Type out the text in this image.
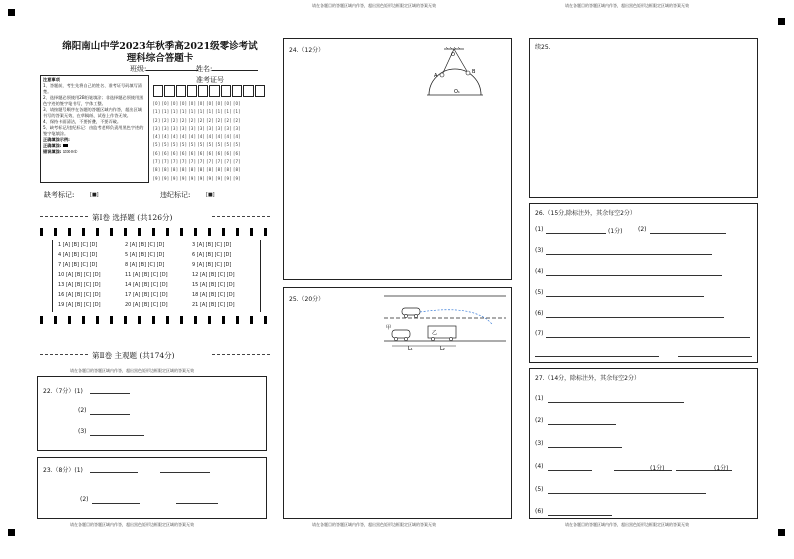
请在各题目的答题区域内作答，超出黑色矩形边框限定区域的答案无效	请在各题目的答题区域内作答，超出黑色矩形边框限定区域的答案无效
请在各题目的答题区域内作答，超出黑色矩形边框限定区域的答案无效	请在各题目的答题区域内作答，超出黑色矩形边框限定区域的答案无效	请在各题目的答题区域内作答，超出黑色矩形边框限定区域的答案无效
绵阳南山中学2023年秋季高2021级零诊考试
理科综合答题卡
班级:	姓名:
注意事项
1、答题前，考生先将自己的姓名、准考证号码填写清楚。
2、选择题必须使用2B铅笔填涂；非选择题必须使用黑色字迹的签字笔书写，字体工整。
3、请按题号顺序在各题的答题区域内作答，超出区域书写的答案无效，在草稿纸、试卷上作答无效。
4、保持卡面清洁，不要折叠，不要弄破。
5、缺考标记/违纪标记：由监考老师负责用黑色字迹的签字笔填涂。
正确填涂示例:
正确填涂:
错误填涂: ☑☒⊖①
准考证号
[0] [0] [0] [0] [0] [0] [0] [0] [0] [0]
[1] [1] [1] [1] [1] [1] [1] [1] [1] [1]
[2] [2] [2] [2] [2] [2] [2] [2] [2] [2]
[3] [3] [3] [3] [3] [3] [3] [3] [3] [3]
[4] [4] [4] [4] [4] [4] [4] [4] [4] [4]
[5] [5] [5] [5] [5] [5] [5] [5] [5] [5]
[6] [6] [6] [6] [6] [6] [6] [6] [6] [6]
[7] [7] [7] [7] [7] [7] [7] [7] [7] [7]
[8] [8] [8] [8] [8] [8] [8] [8] [8] [8]
[9] [9] [9] [9] [9] [9] [9] [9] [9] [9]
缺考标记:	[■]	违纪标记:	[■]
第Ⅰ卷 选择题 (共126分)
1 [A] [B] [C] [D]	2 [A] [B] [C] [D]	3 [A] [B] [C] [D]
4 [A] [B] [C] [D]	5 [A] [B] [C] [D]	6 [A] [B] [C] [D]
7 [A] [B] [C] [D]	8 [A] [B] [C] [D]	9 [A] [B] [C] [D]
10 [A] [B] [C] [D]	11 [A] [B] [C] [D]	12 [A] [B] [C] [D]
13 [A] [B] [C] [D]	14 [A] [B] [C] [D]	15 [A] [B] [C] [D]
16 [A] [B] [C] [D]	17 [A] [B] [C] [D]	18 [A] [B] [C] [D]
19 [A] [B] [C] [D]	20 [A] [B] [C] [D]	21 [A] [B] [C] [D]
第Ⅱ卷 主观题 (共174分)
请在各题目的答题区域内作答，超出黑色矩形边框限定区域的答案无效
22.（7分）(1)
(2)
(3)
23.（8分）(1)
(2)
24.（12分）
O
A
B
O₁
25.（20分）
甲
乙
L₁	L₂
续25.
26.（15分,除标注外，其余每空2分）
(1)	(1分)	(2)
(3)
(4)
(5)
(6)
(7)
27.（14分，除标注外，其余每空2分）
(1)
(2)
(3)
(4)	(1分)	(1分)
(5)
(6)
